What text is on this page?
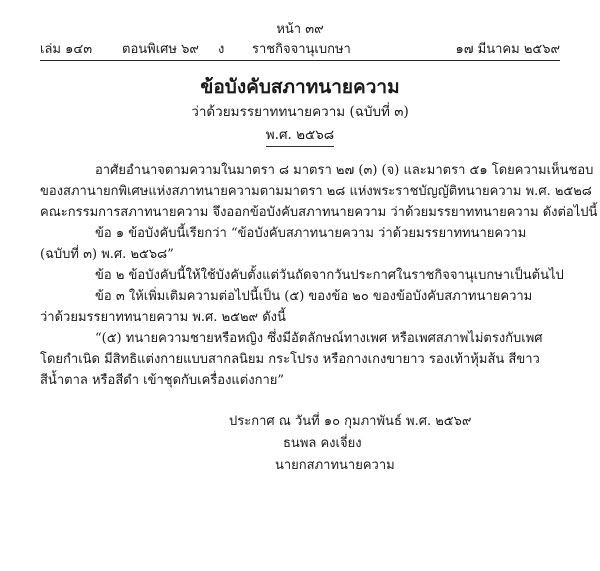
หน้า ๓๙
เล่ม ๑๔๓ ตอนพิเศษ ๖๙ ง ราชกิจจานุเบกษา	๑๗ มีนาคม ๒๕๖๙
ข้อบังคับสภาทนายความ
ว่าด้วยมรรยาททนายความ (ฉบับที่ ๓)
พ.ศ. ๒๕๖๘
อาศัยอำนาจตามความในมาตรา ๘ มาตรา ๒๗ (๓) (จ) และมาตรา ๕๑ โดยความเห็นชอบ
ของสภานายกพิเศษแห่งสภาทนายความตามมาตรา ๒๘ แห่งพระราชบัญญัติทนายความ พ.ศ. ๒๕๒๘
คณะกรรมการสภาทนายความ จึงออกข้อบังคับสภาทนายความ ว่าด้วยมรรยาททนายความ ดังต่อไปนี้
ข้อ ๑ ข้อบังคับนี้เรียกว่า “ข้อบังคับสภาทนายความ ว่าด้วยมรรยาททนายความ
(ฉบับที่ ๓) พ.ศ. ๒๕๖๘”
ข้อ ๒ ข้อบังคับนี้ให้ใช้บังคับตั้งแต่วันถัดจากวันประกาศในราชกิจจานุเบกษาเป็นต้นไป
ข้อ ๓ ให้เพิ่มเติมความต่อไปนี้เป็น (๕) ของข้อ ๒๐ ของข้อบังคับสภาทนายความ
ว่าด้วยมรรยาททนายความ พ.ศ. ๒๕๒๙ ดังนี้
“(๕) ทนายความชายหรือหญิง ซึ่งมีอัตลักษณ์ทางเพศ หรือเพศสภาพไม่ตรงกับเพศ
โดยกำเนิด มีสิทธิแต่งกายแบบสากลนิยม กระโปรง หรือกางเกงขายาว รองเท้าหุ้มส้น สีขาว
สีน้ำตาล หรือสีดำ เข้าชุดกับเครื่องแต่งกาย”
ประกาศ ณ วันที่ ๑๐ กุมภาพันธ์ พ.ศ. ๒๕๖๙
ธนพล คงเจี่ยง
นายกสภาทนายความ
